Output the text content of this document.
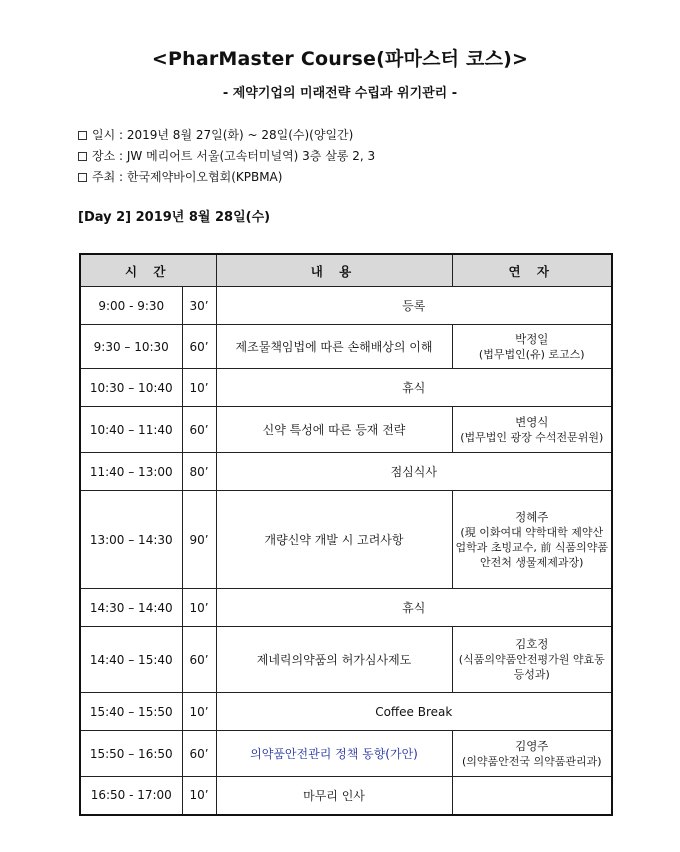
<PharMaster Course(파마스터 코스)>
- 제약기업의 미래전략 수립과 위기관리 -
일시 : 2019년 8월 27일(화) ~ 28일(수)(양일간)
장소 : JW 메리어트 서울(고속터미널역) 3층 살롱 2, 3
주최 : 한국제약바이오협회(KPBMA)
[Day 2] 2019년 8월 28일(수)
시 간		내 용	연 자
9:00 - 9:30	30’	등록	
9:30 – 10:30	60’	제조물책임법에 따른 손해배상의 이해	박정일
(법무법인(유) 로고스)

10:30 – 10:40	10’	휴식	
10:40 – 11:40	60’	신약 특성에 따른 등재 전략	변영식
(법무법인 광장 수석전문위원)

11:40 – 13:00	80’	점심식사	
13:00 – 14:30	90’	개량신약 개발 시 고려사항	정혜주
(現 이화여대 약학대학 제약산업학과 초빙교수, 前 식품의약품안전처 생물제제과장)

14:30 – 14:40	10’	휴식	
14:40 – 15:40	60’	제네릭의약품의 허가심사제도	김호정
(식품의약품안전평가원 약효동등성과)

15:40 – 15:50	10’	Coffee Break	
15:50 – 16:50	60’	의약품안전관리 정책 동향(가안)	김영주
(의약품안전국 의약품관리과)

16:50 - 17:00	10’	마무리 인사	
